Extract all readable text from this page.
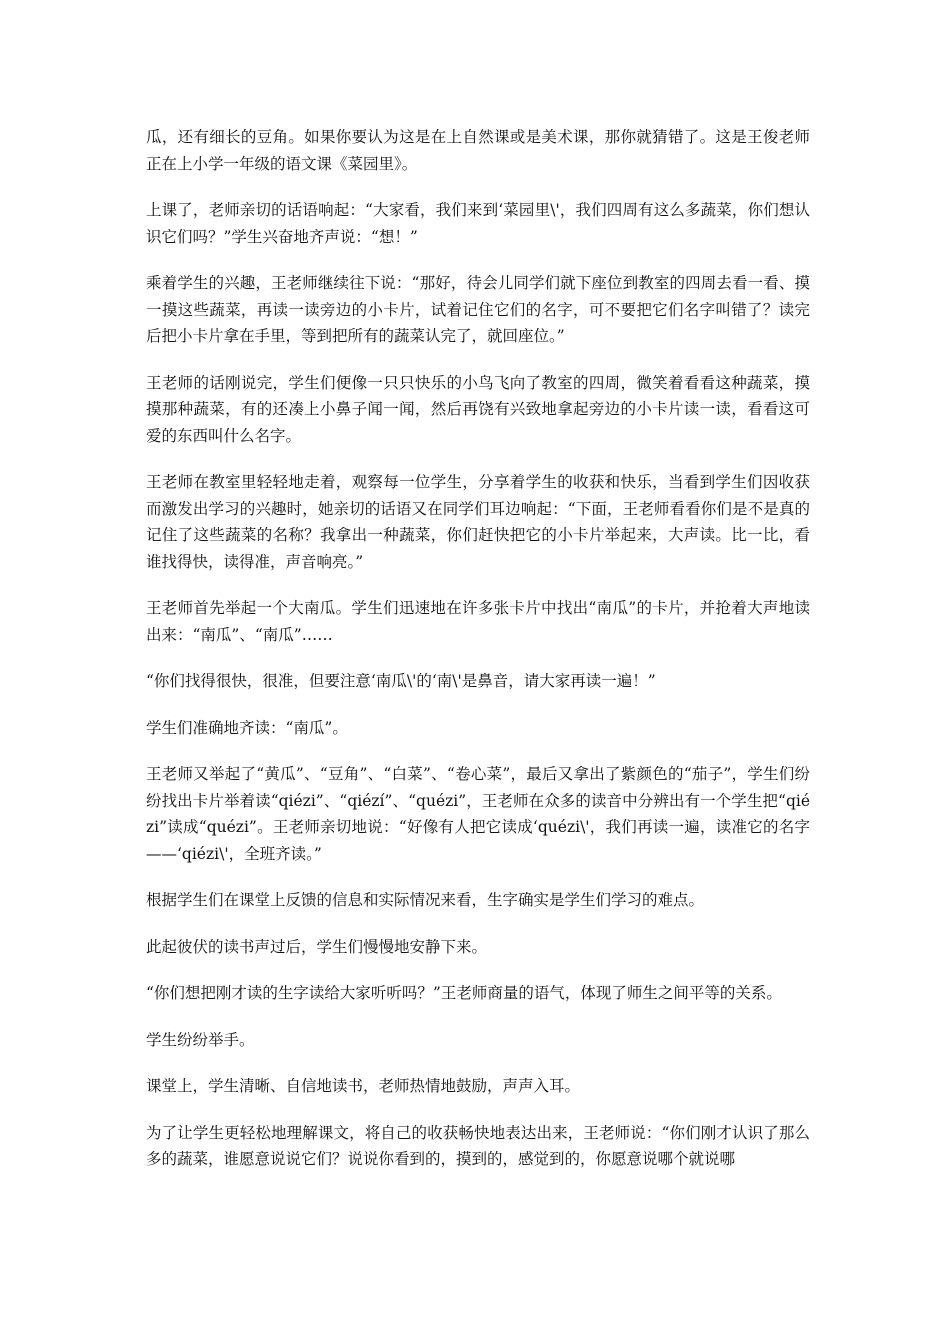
瓜，还有细长的豆角。如果你要认为这是在上自然课或是美术课，那你就猜错了。这是王俊老师正在上小学一年级的语文课《菜园里》。

上课了，老师亲切的话语响起：“大家看，我们来到‘菜园里\'，我们四周有这么多蔬菜，你们想认识它们吗？”学生兴奋地齐声说：“想！”

乘着学生的兴趣，王老师继续往下说：“那好，待会儿同学们就下座位到教室的四周去看一看、摸一摸这些蔬菜，再读一读旁边的小卡片，试着记住它们的名字，可不要把它们名字叫错了？读完后把小卡片拿在手里，等到把所有的蔬菜认完了，就回座位。”

王老师的话刚说完，学生们便像一只只快乐的小鸟飞向了教室的四周，微笑着看看这种蔬菜，摸摸那种蔬菜，有的还凑上小鼻子闻一闻，然后再饶有兴致地拿起旁边的小卡片读一读，看看这可爱的东西叫什么名字。

王老师在教室里轻轻地走着，观察每一位学生，分享着学生的收获和快乐，当看到学生们因收获而激发出学习的兴趣时，她亲切的话语又在同学们耳边响起：“下面，王老师看看你们是不是真的记住了这些蔬菜的名称？我拿出一种蔬菜，你们赶快把它的小卡片举起来，大声读。比一比，看谁找得快，读得准，声音响亮。”

王老师首先举起一个大南瓜。学生们迅速地在许多张卡片中找出“南瓜”的卡片，并抢着大声地读出来：“南瓜”、“南瓜”……

“你们找得很快，很准，但要注意‘南瓜\'的‘南\'是鼻音，请大家再读一遍！”

学生们准确地齐读：“南瓜”。

王老师又举起了“黄瓜”、“豆角”、“白菜”、“卷心菜”，最后又拿出了紫颜色的“茄子”，学生们纷纷找出卡片举着读“qiézi”、“qiézí”、“quézi”，王老师在众多的读音中分辨出有一个学生把“qiézi”读成“quézi”。王老师亲切地说：“好像有人把它读成‘quézi\'，我们再读一遍，读准它的名字——‘qiézi\'，全班齐读。”

根据学生们在课堂上反馈的信息和实际情况来看，生字确实是学生们学习的难点。

此起彼伏的读书声过后，学生们慢慢地安静下来。

“你们想把刚才读的生字读给大家听听吗？”王老师商量的语气，体现了师生之间平等的关系。

学生纷纷举手。

课堂上，学生清晰、自信地读书，老师热情地鼓励，声声入耳。

为了让学生更轻松地理解课文，将自己的收获畅快地表达出来，王老师说：“你们刚才认识了那么多的蔬菜，谁愿意说说它们？说说你看到的，摸到的，感觉到的，你愿意说哪个就说哪
